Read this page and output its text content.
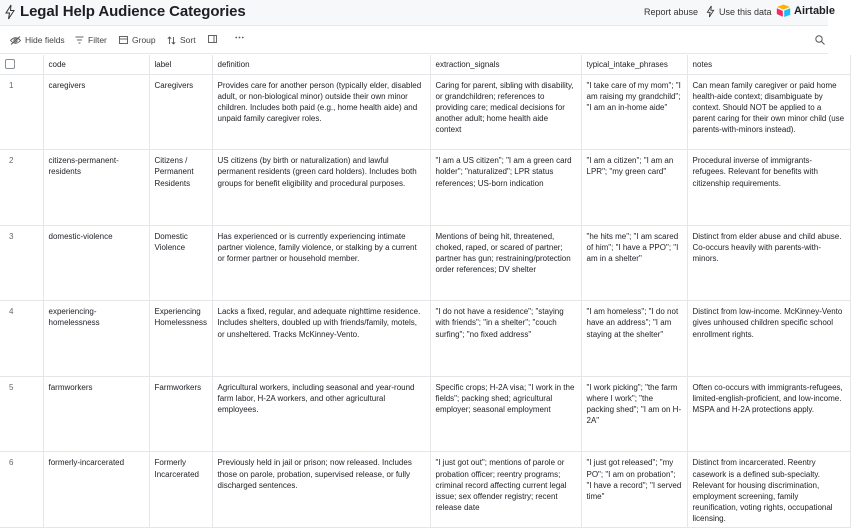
Legal Help Audience Categories	Report abuse Use this data Airtable
Hide fields	Filter	Group	Sort
	code	label	definition	extraction_signals	typical_intake_phrases	notes
1	caregivers	Caregivers	Provides care for another person (typically elder, disabled adult, or non-biological minor) outside their own minor children. Includes both paid (e.g., home health aide) and unpaid family caregiver roles.	Caring for parent, sibling with disability, or grandchildren; references to providing care; medical decisions for another adult; home health aide context	"I take care of my mom"; "I am raising my grandchild"; "I am an in-home aide"	Can mean family caregiver or paid home health-aide context; disambiguate by context. Should NOT be applied to a parent caring for their own minor child (use parents-with-minors instead).
2	citizens-permanent-residents	Citizens / Permanent Residents	US citizens (by birth or naturalization) and lawful permanent residents (green card holders). Includes both groups for benefit eligibility and procedural purposes.	"I am a US citizen"; "I am a green card holder"; "naturalized"; LPR status references; US-born indication	"I am a citizen"; "I am an LPR"; "my green card"	Procedural inverse of immigrants-refugees. Relevant for benefits with citizenship requirements.
3	domestic-violence	Domestic Violence	Has experienced or is currently experiencing intimate partner violence, family violence, or stalking by a current or former partner or household member.	Mentions of being hit, threatened, choked, raped, or scared of partner; partner has gun; restraining/protection order references; DV shelter	"he hits me"; "I am scared of him"; "I have a PPO"; "I am in a shelter"	Distinct from elder abuse and child abuse. Co-occurs heavily with parents-with-minors.
4	experiencing-homelessness	Experiencing Homelessness	Lacks a fixed, regular, and adequate nighttime residence. Includes shelters, doubled up with friends/family, motels, or unsheltered. Tracks McKinney-Vento.	"I do not have a residence"; "staying with friends"; "in a shelter"; "couch surfing"; "no fixed address"	"I am homeless"; "I do not have an address"; "I am staying at the shelter"	Distinct from low-income. McKinney-Vento gives unhoused children specific school enrollment rights.
5	farmworkers	Farmworkers	Agricultural workers, including seasonal and year-round farm labor, H-2A workers, and other agricultural employees.	Specific crops; H-2A visa; "I work in the fields"; packing shed; agricultural employer; seasonal employment	"I work picking"; "the farm where I work"; "the packing shed"; "I am on H-2A"	Often co-occurs with immigrants-refugees, limited-english-proficient, and low-income. MSPA and H-2A protections apply.
6	formerly-incarcerated	Formerly Incarcerated	Previously held in jail or prison; now released. Includes those on parole, probation, supervised release, or fully discharged sentences.	"I just got out"; mentions of parole or probation officer; reentry programs; criminal record affecting current legal issue; sex offender registry; recent release date	"I just got released"; "my PO"; "I am on probation"; "I have a record"; "I served time"	Distinct from incarcerated. Reentry casework is a defined sub-specialty. Relevant for housing discrimination, employment screening, family reunification, voting rights, occupational licensing.
